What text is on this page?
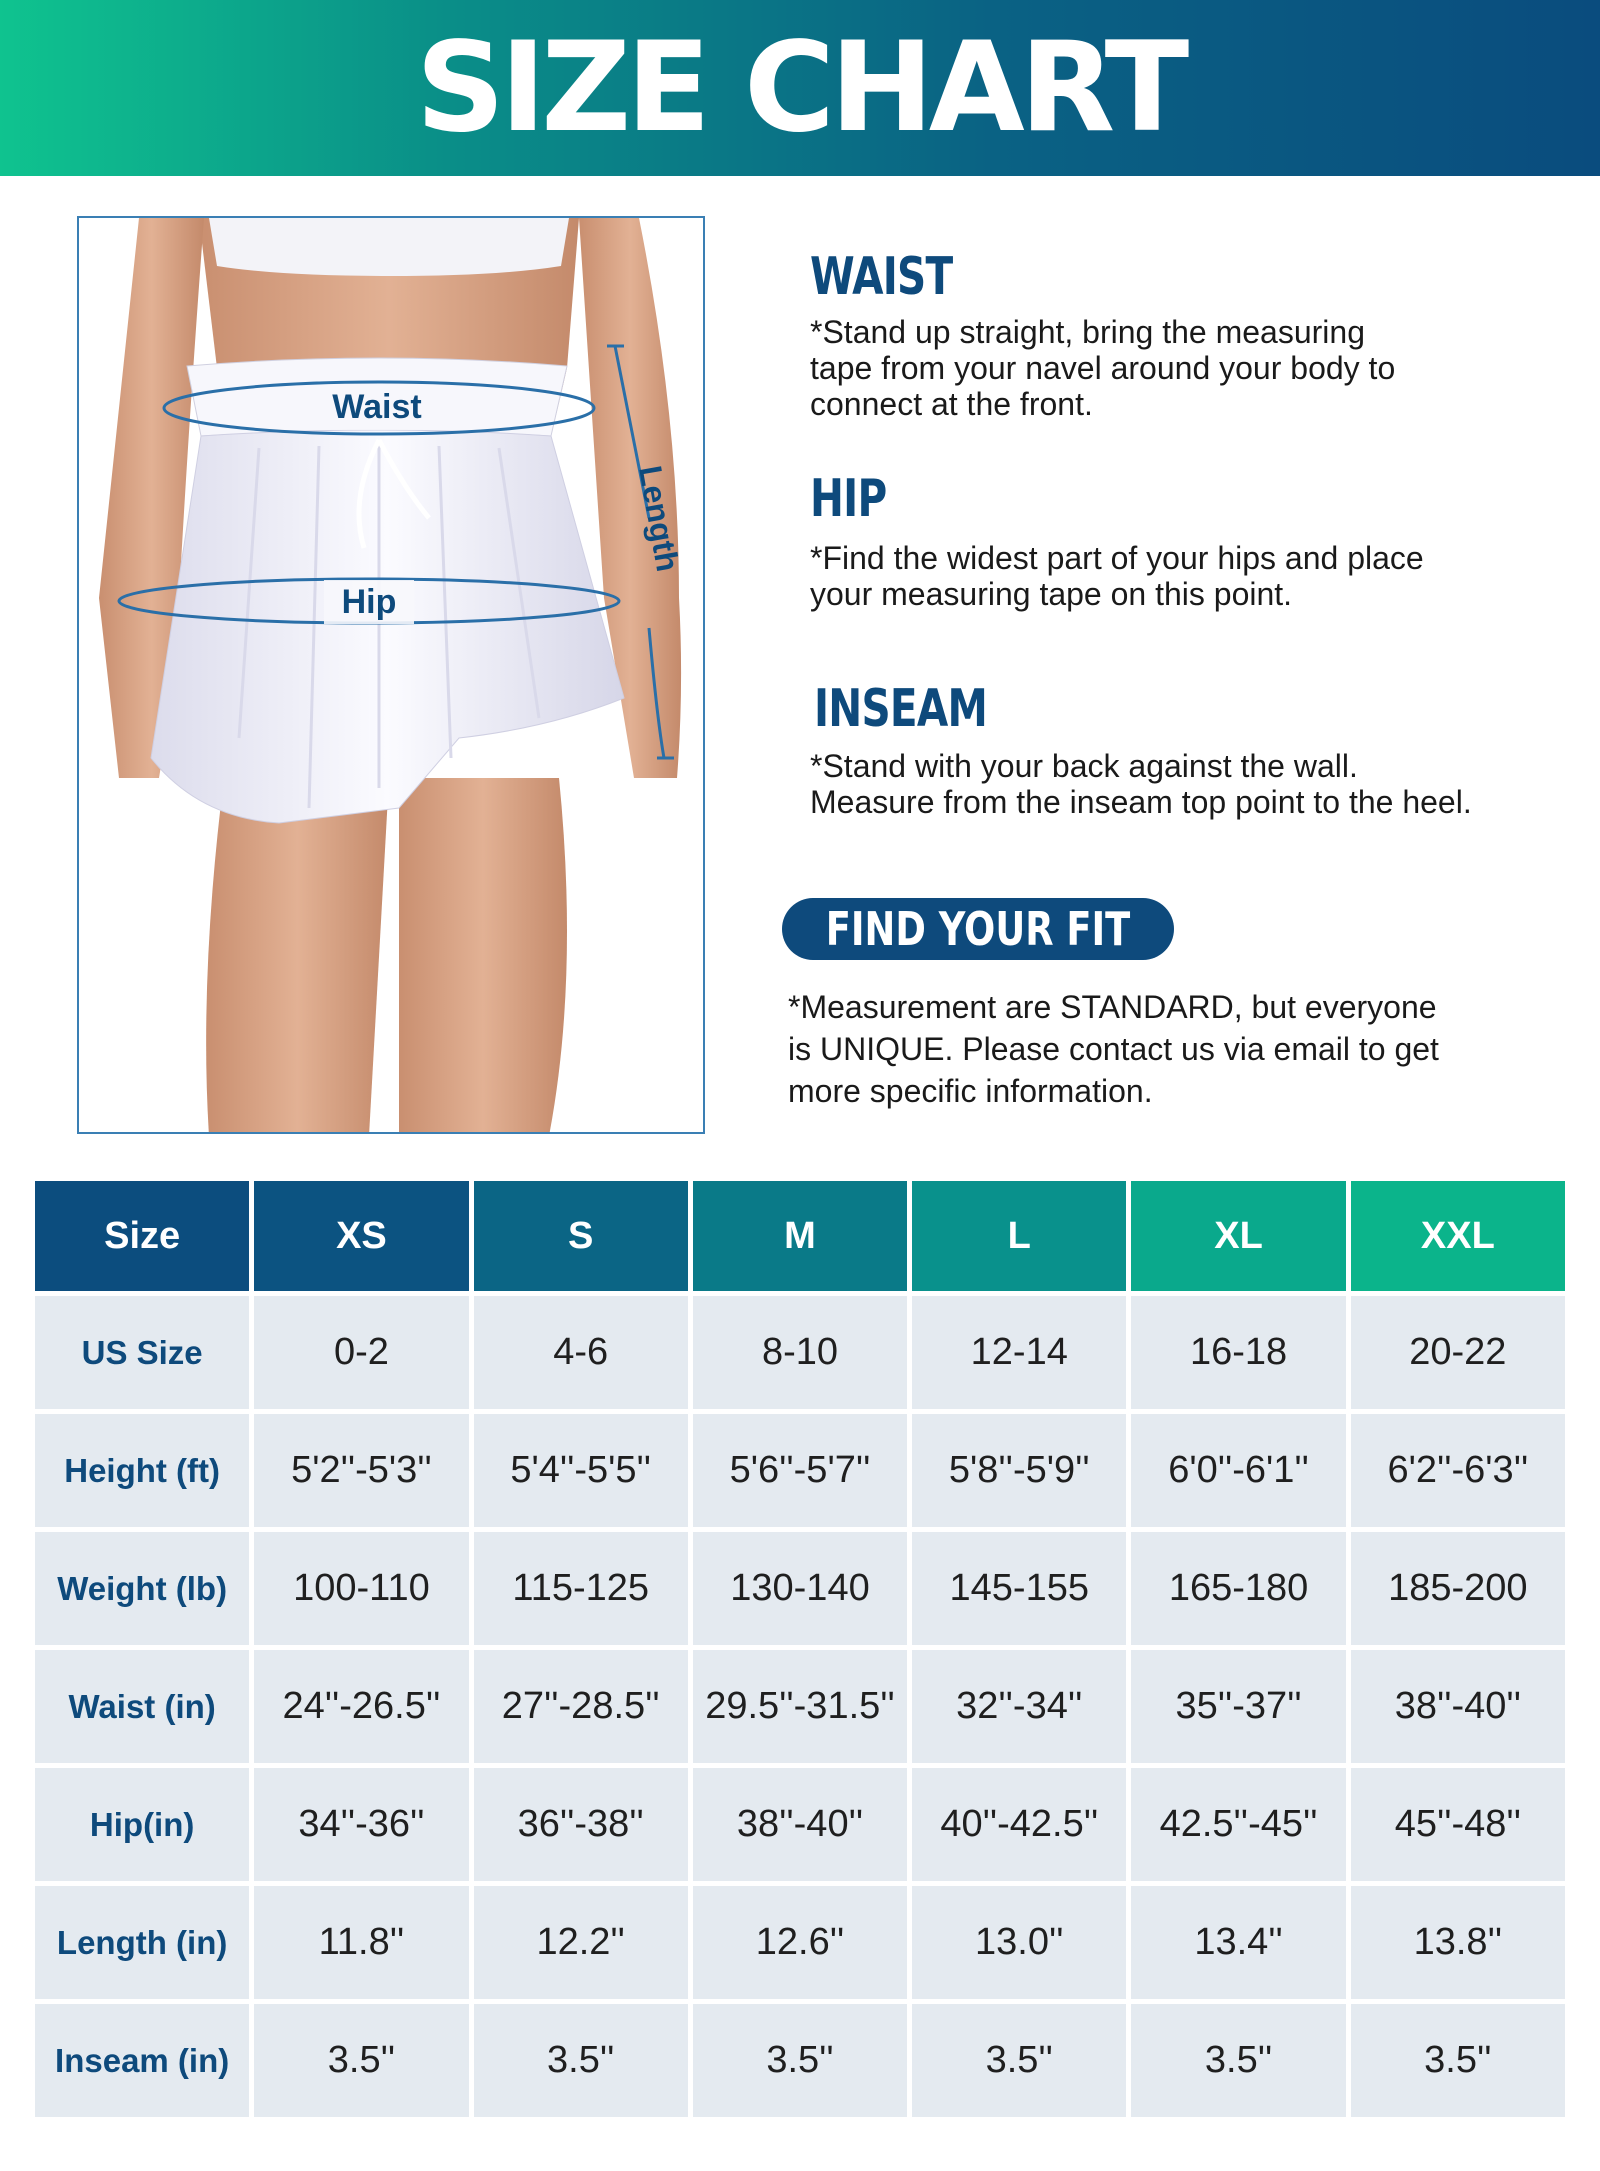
SIZE CHART
Waist
Hip
Length
WAIST
*Stand up straight, bring the measuring
tape from your navel around your body to
connect at the front.
HIP
*Find the widest part of your hips and place
your measuring tape on this point.
INSEAM
*Stand with your back against the wall.
Measure from the inseam top point to the heel.
FIND YOUR FIT
*Measurement are STANDARD, but everyone
is UNIQUE. Please contact us via email to get
more specific information.
Size	XS	S	M	L	XL	XXL
US Size	0-2	4-6	8-10	12-14	16-18	20-22
Height (ft)	5'2''-5'3''	5'4''-5'5''	5'6''-5'7''	5'8''-5'9''	6'0''-6'1''	6'2''-6'3''
Weight (lb)	100-110	115-125	130-140	145-155	165-180	185-200
Waist (in)	24''-26.5''	27''-28.5''	29.5''-31.5''	32''-34''	35''-37''	38''-40''
Hip(in)	34''-36''	36''-38''	38''-40''	40''-42.5''	42.5''-45''	45''-48''
Length (in)	11.8''	12.2''	12.6''	13.0''	13.4''	13.8''
Inseam (in)	3.5''	3.5''	3.5''	3.5''	3.5''	3.5''
